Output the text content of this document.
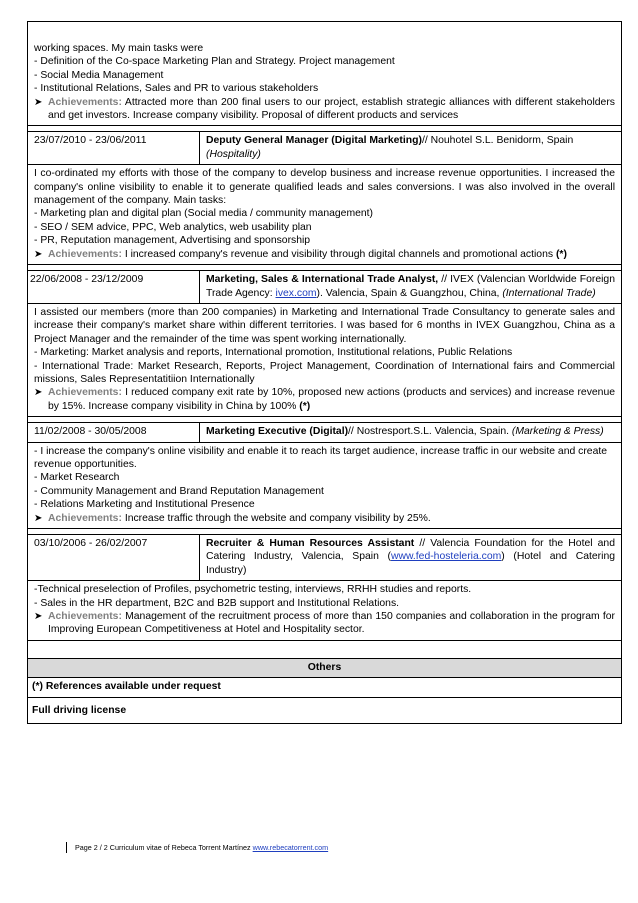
working spaces. My main tasks were
- Definition of the Co-space Marketing Plan and Strategy. Project management
- Social Media Management
- Institutional Relations, Sales and PR to various stakeholders
➤ Achievements: Attracted more than 200 final users to our project, establish strategic alliances with different stakeholders and get investors. Increase company visibility. Proposal of different products and services	

23/07/2010 - 23/06/2011	Deputy General Manager (Digital Marketing)// Nouhotel S.L. Benidorm, Spain (Hospitality)

I co-ordinated my efforts with those of the company to develop business and increase revenue opportunities. I increased the company's online visibility to enable it to generate qualified leads and sales conversions. I was also involved in the overall management of the company. Main tasks:
- Marketing plan and digital plan (Social media / community management)
- SEO / SEM advice, PPC, Web analytics, web usability plan
- PR, Reputation management, Advertising and sponsorship
➤ Achievements: I increased company's revenue and visibility through digital channels and promotional actions (*)	

22/06/2008 - 23/12/2009	Marketing, Sales & International Trade Analyst, // IVEX (Valencian Worldwide Foreign Trade Agency: ivex.com). Valencia, Spain & Guangzhou, China, (International Trade)

I assisted our members (more than 200 companies) in Marketing and International Trade Consultancy to generate sales and increase their company's market share within different territories. I was based for 6 months in IVEX Guangzhou, China as a Project Manager and the remainder of the time was spent working internationally.
- Marketing: Market analysis and reports, International promotion, Institutional relations, Public Relations
- International Trade: Market Research, Reports, Project Management, Coordination of International fairs and Commercial missions, Sales Representatitiion Internationally
➤ Achievements: I reduced company exit rate by 10%, proposed new actions (products and services) and increase revenue by 15%. Increase company visibility in China by 100% (*)	

11/02/2008 - 30/05/2008	Marketing Executive (Digital)// Nostresport.S.L. Valencia, Spain. (Marketing & Press)

- I increase the company's online visibility and enable it to reach its target audience, increase traffic in our website and create revenue opportunities.
- Market Research
- Community Management and Brand Reputation Management
- Relations Marketing and Institutional Presence
➤ Achievements: Increase traffic through the website and company visibility by 25%.	

03/10/2006 - 26/02/2007	Recruiter & Human Resources Assistant // Valencia Foundation for the Hotel and Catering Industry, Valencia, Spain (www.fed-hosteleria.com) (Hotel and Catering Industry)

-Technical preselection of Profiles, psychometric testing, interviews, RRHH studies and reports.
- Sales in the HR department, B2C and B2B support and Institutional Relations.
➤ Achievements: Management of the recruitment process of more than 150 companies and collaboration in the program for Improving European Competitiveness at Hotel and Hospitality sector.	

Others	
(*) References available under request	
Full driving license	
Page 2 / 2 Curriculum vitae of Rebeca Torrent Martínez www.rebecatorrent.com
